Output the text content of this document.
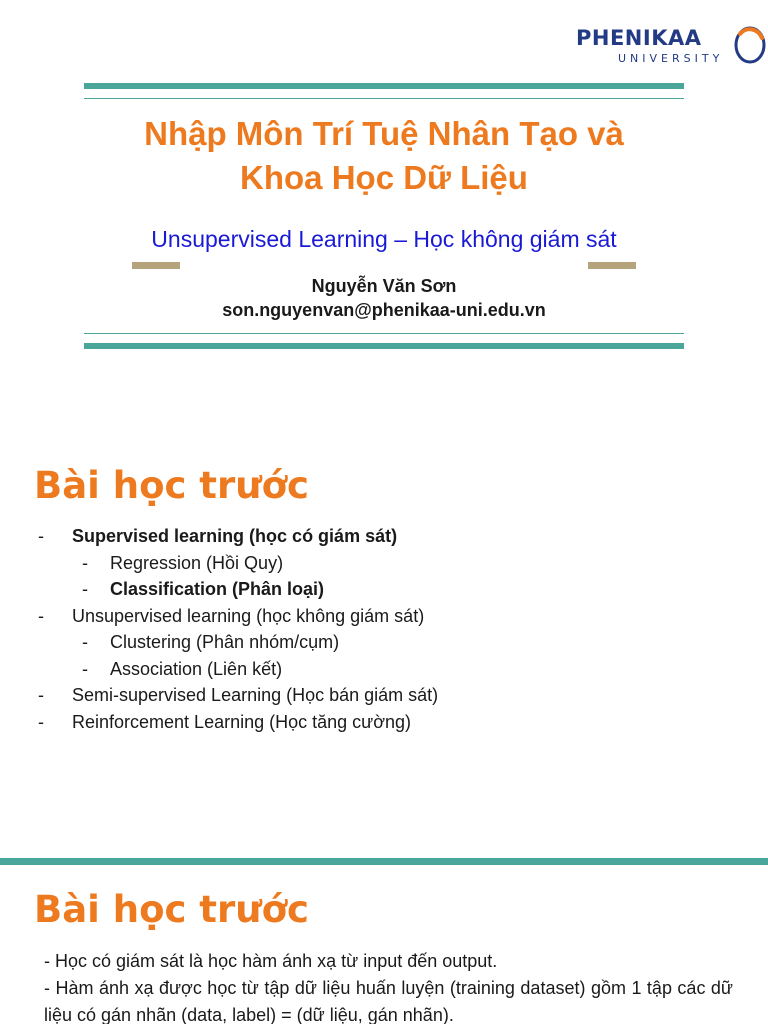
PHENIKAA
UNIVERSITY
Nhập Môn Trí Tuệ Nhân Tạo và
Khoa Học Dữ Liệu
Unsupervised Learning – Học không giám sát
Nguyễn Văn Sơn
son.nguyenvan@phenikaa-uni.edu.vn
Bài học trước
-	Supervised learning (học có giám sát)
-	Regression (Hồi Quy)
-	Classification (Phân loại)
-	Unsupervised learning (học không giám sát)
-	Clustering (Phân nhóm/cụm)
-	Association (Liên kết)
-	Semi-supervised Learning (Học bán giám sát)
-	Reinforcement Learning (Học tăng cường)
Bài học trước

- Học có giám sát là học hàm ánh xạ từ input đến output.

- Hàm ánh xạ được học từ tập dữ liệu huấn luyện (training dataset) gồm 1 tập các dữ liệu có gán nhãn (data, label) = (dữ liệu, gán nhãn).
